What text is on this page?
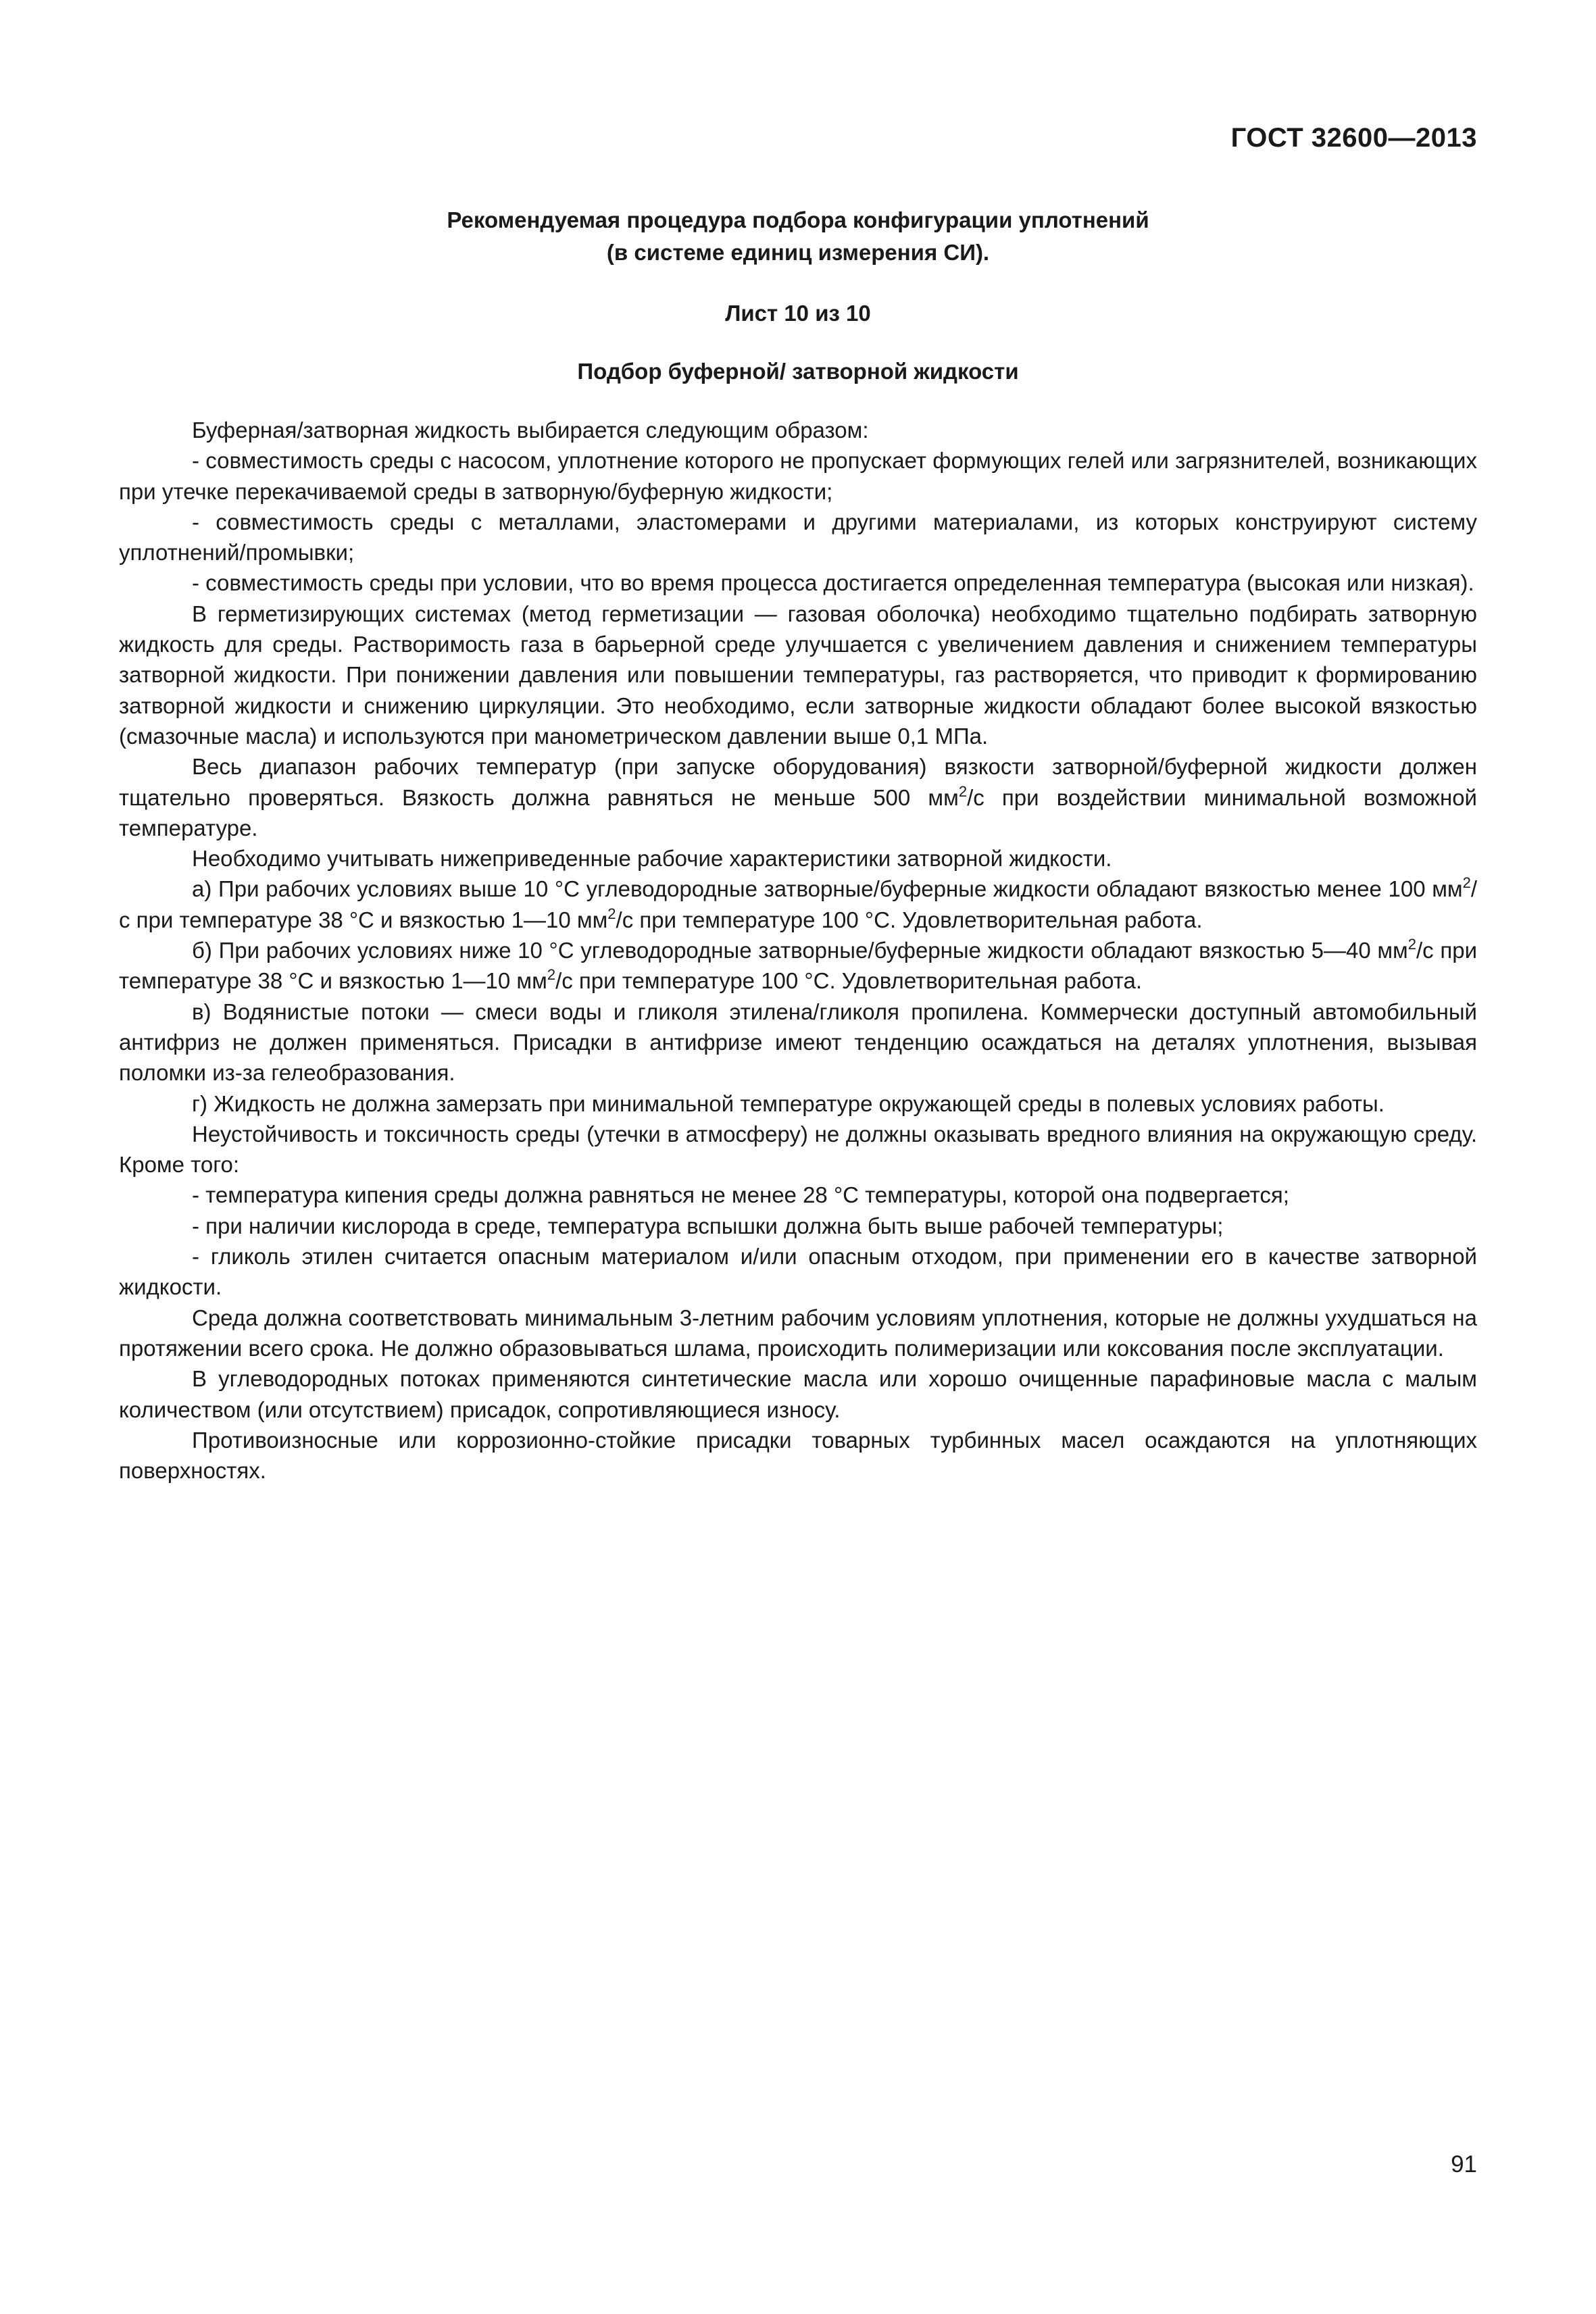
ГОСТ 32600—2013
Рекомендуемая процедура подбора конфигурации уплотнений
(в системе единиц измерения СИ).
Лист 10 из 10
Подбор буферной/ затворной жидкости

Буферная/затворная жидкость выбирается следующим образом:

- совместимость среды с насосом, уплотнение которого не пропускает формующих гелей или загрязнителей, возникающих при утечке перекачиваемой среды в затворную/буферную жидкости;

- совместимость среды с металлами, эластомерами и другими материалами, из которых конструируют систему уплотнений/промывки;

- совместимость среды при условии, что во время процесса достигается определенная температура (высокая или низкая).

В герметизирующих системах (метод герметизации — газовая оболочка) необходимо тщательно подбирать затворную жидкость для среды. Растворимость газа в барьерной среде улучшается с увеличением давления и снижением температуры затворной жидкости. При понижении давления или повышении температуры, газ растворяется, что приводит к формированию затворной жидкости и снижению циркуляции. Это необходимо, если затворные жидкости обладают более высокой вязкостью (смазочные масла) и используются при манометрическом давлении выше 0,1 МПа.

Весь диапазон рабочих температур (при запуске оборудования) вязкости затворной/буферной жидкости должен тщательно проверяться. Вязкость должна равняться не меньше 500 $мм^2/с$ при воздействии минимальной возможной температуре.

Необходимо учитывать нижеприведенные рабочие характеристики затворной жидкости.

а) При рабочих условиях выше 10 °С углеводородные затворные/буферные жидкости обладают вязкостью менее 100 $мм^2/с$ при температуре 38 °С и вязкостью 1—10 $мм^2/с$ при температуре 100 °С. Удовлетворительная работа.

б) При рабочих условиях ниже 10 °С углеводородные затворные/буферные жидкости обладают вязкостью 5—40 $мм^2/с$ при температуре 38 °С и вязкостью 1—10 $мм^2/с$ при температуре 100 °С. Удовлетворительная работа.

в) Водянистые потоки — смеси воды и гликоля этилена/гликоля пропилена. Коммерчески доступный автомобильный антифриз не должен применяться. Присадки в антифризе имеют тенденцию осаждаться на деталях уплотнения, вызывая поломки из-за гелеобразования.

г) Жидкость не должна замерзать при минимальной температуре окружающей среды в полевых условиях работы.

Неустойчивость и токсичность среды (утечки в атмосферу) не должны оказывать вредного влияния на окружающую среду. Кроме того:

- температура кипения среды должна равняться не менее 28 °С температуры, которой она подвергается;

- при наличии кислорода в среде, температура вспышки должна быть выше рабочей температуры;

- гликоль этилен считается опасным материалом и/или опасным отходом, при применении его в качестве затворной жидкости.

Среда должна соответствовать минимальным 3-летним рабочим условиям уплотнения, которые не должны ухудшаться на протяжении всего срока. Не должно образовываться шлама, происходить полимеризации или коксования после эксплуатации.

В углеводородных потоках применяются синтетические масла или хорошо очищенные парафиновые масла с малым количеством (или отсутствием) присадок, сопротивляющиеся износу.

Противоизносные или коррозионно-стойкие присадки товарных турбинных масел осаждаются на уплотняющих поверхностях.

91
